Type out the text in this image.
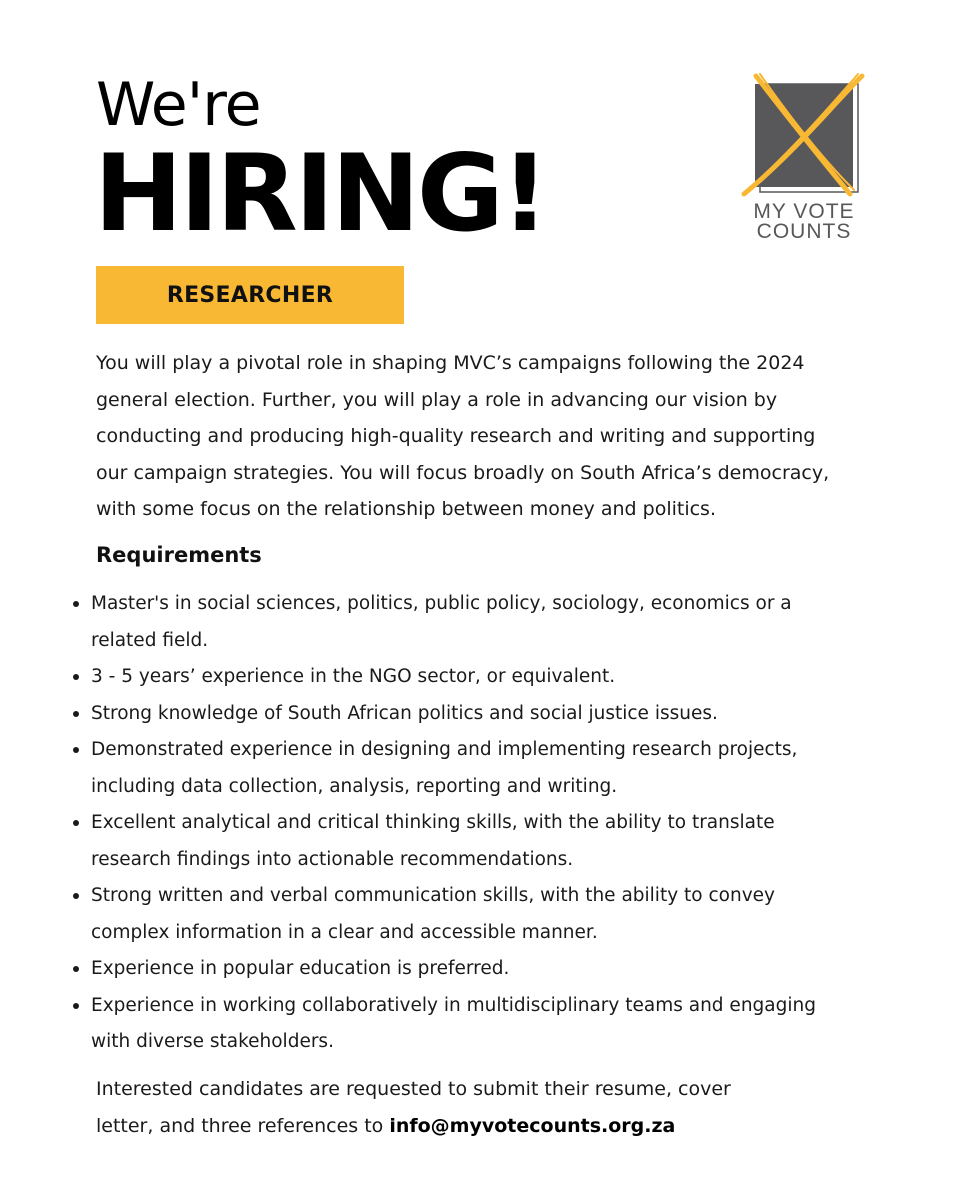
We're
HIRING!	MY VOTE
COUNTS
RESEARCHER

You will play a pivotal role in shaping MVC’s campaigns following the 2024
general election. Further, you will play a role in advancing our vision by
conducting and producing high-quality research and writing and supporting
our campaign strategies. You will focus broadly on South Africa’s democracy,
with some focus on the relationship between money and politics.

Requirements
Master's in social sciences, politics, public policy, sociology, economics or a
related field.
3 - 5 years’ experience in the NGO sector, or equivalent.
Strong knowledge of South African politics and social justice issues.
Demonstrated experience in designing and implementing research projects,
including data collection, analysis, reporting and writing.
Excellent analytical and critical thinking skills, with the ability to translate
research findings into actionable recommendations.
Strong written and verbal communication skills, with the ability to convey
complex information in a clear and accessible manner.
Experience in popular education is preferred.
Experience in working collaboratively in multidisciplinary teams and engaging
with diverse stakeholders.

Interested candidates are requested to submit their resume, cover
letter, and three references to info@myvotecounts.org.za
